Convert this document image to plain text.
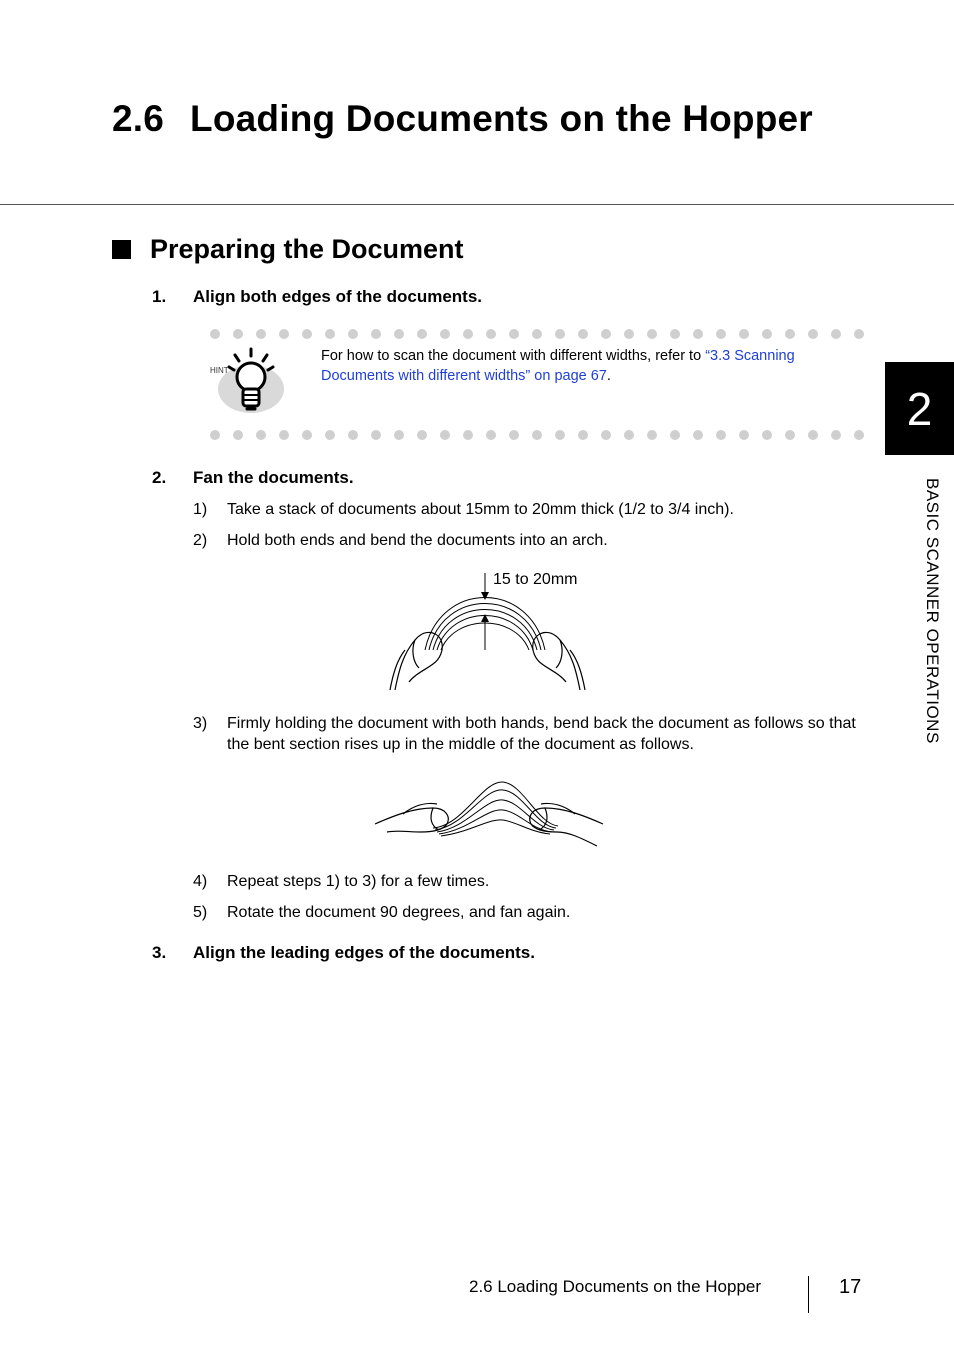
2.6 Loading Documents on the Hopper
Preparing the Document
1.	Align both edges of the documents.
HINT
For how to scan the document with different widths, refer to “3.3 Scanning Documents with different widths” on page 67.
2.	Fan the documents.
1)	Take a stack of documents about 15mm to 20mm thick (1/2 to 3/4 inch).
2)	Hold both ends and bend the documents into an arch.
15 to 20mm
3)	Firmly holding the document with both hands, bend back the document as follows so that the bent section rises up in the middle of the document as follows.
4)	Repeat steps 1) to 3) for a few times.
5)	Rotate the document 90 degrees, and fan again.
3.	Align the leading edges of the documents.
2
BASIC SCANNER OPERATIONS
2.6 Loading Documents on the Hopper	17
